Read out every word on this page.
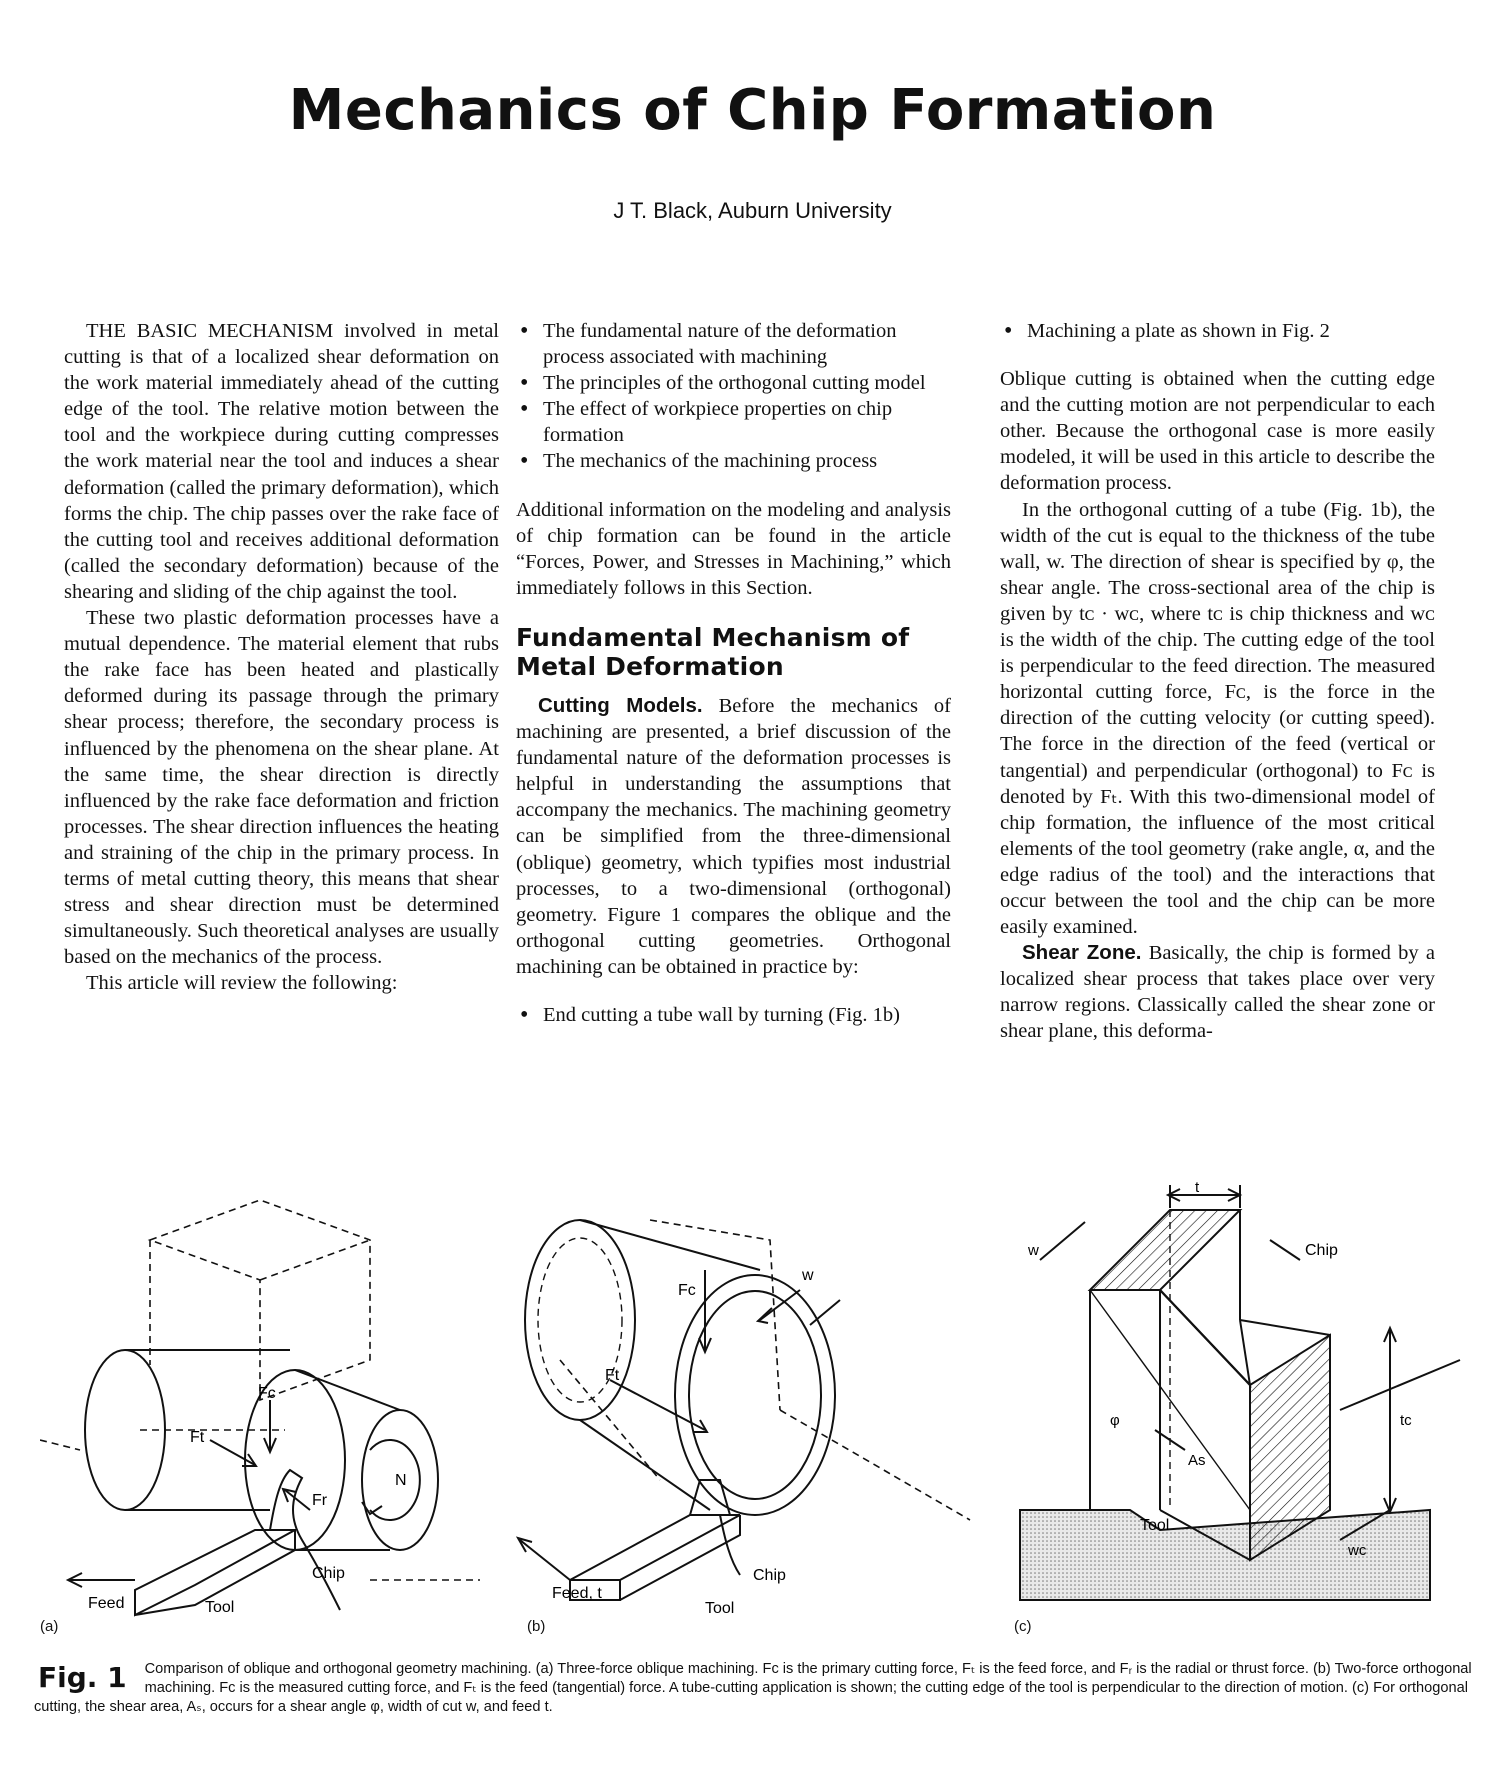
Mechanics of Chip Formation
J T. Black, Auburn University

THE BASIC MECHANISM involved in metal cutting is that of a localized shear deformation on the work material immediately ahead of the cutting edge of the tool. The relative motion between the tool and the workpiece during cutting compresses the work material near the tool and induces a shear deformation (called the primary deformation), which forms the chip. The chip passes over the rake face of the cutting tool and receives additional deformation (called the secondary deformation) because of the shearing and sliding of the chip against the tool.

These two plastic deformation processes have a mutual dependence. The material element that rubs the rake face has been heated and plastically deformed during its passage through the primary shear process; therefore, the secondary process is influenced by the phenomena on the shear plane. At the same time, the shear direction is directly influenced by the rake face deformation and friction processes. The shear direction influences the heating and straining of the chip in the primary process. In terms of metal cutting theory, this means that shear stress and shear direction must be determined simultaneously. Such theoretical analyses are usually based on the mechanics of the process.

This article will review the following:

• The fundamental nature of the deformation process associated with machining
• The principles of the orthogonal cutting model
• The effect of workpiece properties on chip formation
• The mechanics of the machining process

Additional information on the modeling and analysis of chip formation can be found in the article “Forces, Power, and Stresses in Machining,” which immediately follows in this Section.

Fundamental Mechanism of Metal Deformation

Cutting Models. Before the mechanics of machining are presented, a brief discussion of the fundamental nature of the deformation processes is helpful in understanding the assumptions that accompany the mechanics. The machining geometry can be simplified from the three-dimensional (oblique) geometry, which typifies most industrial processes, to a two-dimensional (orthogonal) geometry. Figure 1 compares the oblique and the orthogonal cutting geometries. Orthogonal machining can be obtained in practice by:

• End cutting a tube wall by turning (Fig. 1b)
• Machining a plate as shown in Fig. 2

Oblique cutting is obtained when the cutting edge and the cutting motion are not perpendicular to each other. Because the orthogonal case is more easily modeled, it will be used in this article to describe the deformation process.

In the orthogonal cutting of a tube (Fig. 1b), the width of the cut is equal to the thickness of the tube wall, w. The direction of shear is specified by φ, the shear angle. The cross-sectional area of the chip is given by tᴄ · wᴄ, where tᴄ is chip thickness and wᴄ is the width of the chip. The cutting edge of the tool is perpendicular to the feed direction. The measured horizontal cutting force, Fᴄ, is the force in the direction of the cutting velocity (or cutting speed). The force in the direction of the feed (vertical or tangential) and perpendicular (orthogonal) to Fᴄ is denoted by Fₜ. With this two-dimensional model of chip formation, the influence of the most critical elements of the tool geometry (rake angle, α, and the edge radius of the tool) and the interactions that occur between the tool and the chip can be more easily examined.

Shear Zone. Basically, the chip is formed by a localized shear process that takes place over very narrow regions. Classically called the shear zone or shear plane, this deforma-

Fc
Ft
Fr
N
Feed	Tool
Chip
w
Fc
Ft
Feed, t
Tool
Chip
t
w	Chip
tc
φ
As
Tool
wc
(a)	(b)	(c)
Fig. 1 Comparison of oblique and orthogonal geometry machining. (a) Three-force oblique machining. Fᴄ is the primary cutting force, Fₜ is the feed force, and Fᵣ is the radial or thrust force. (b) Two-force orthogonal machining. Fᴄ is the measured cutting force, and Fₜ is the feed (tangential) force. A tube-cutting application is shown; the cutting edge of the tool is perpendicular to the direction of motion. (c) For orthogonal cutting, the shear area, Aₛ, occurs for a shear angle φ, width of cut w, and feed t.
